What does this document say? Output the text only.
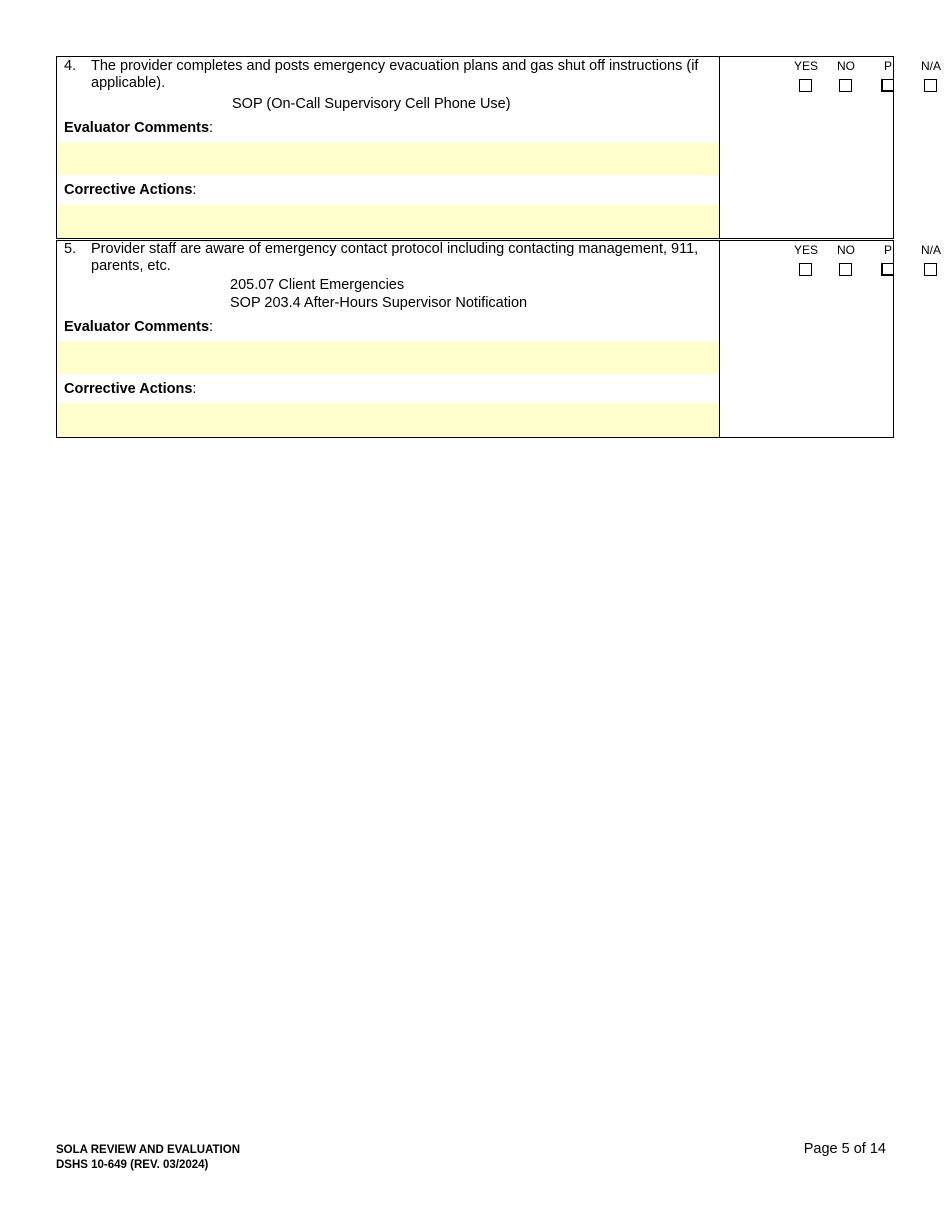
4. The provider completes and posts emergency evacuation plans and gas shut off instructions (if applicable).
SOP (On-Call Supervisory Cell Phone Use)
Evaluator Comments:
Corrective Actions:
YES	NO	P	N/A
5. Provider staff are aware of emergency contact protocol including contacting management, 911, parents, etc.
205.07 Client Emergencies
SOP 203.4 After-Hours Supervisor Notification
Evaluator Comments:
Corrective Actions:
YES	NO	P	N/A
SOLA REVIEW AND EVALUATION
DSHS 10-649 (REV. 03/2024)
Page 5 of 14
